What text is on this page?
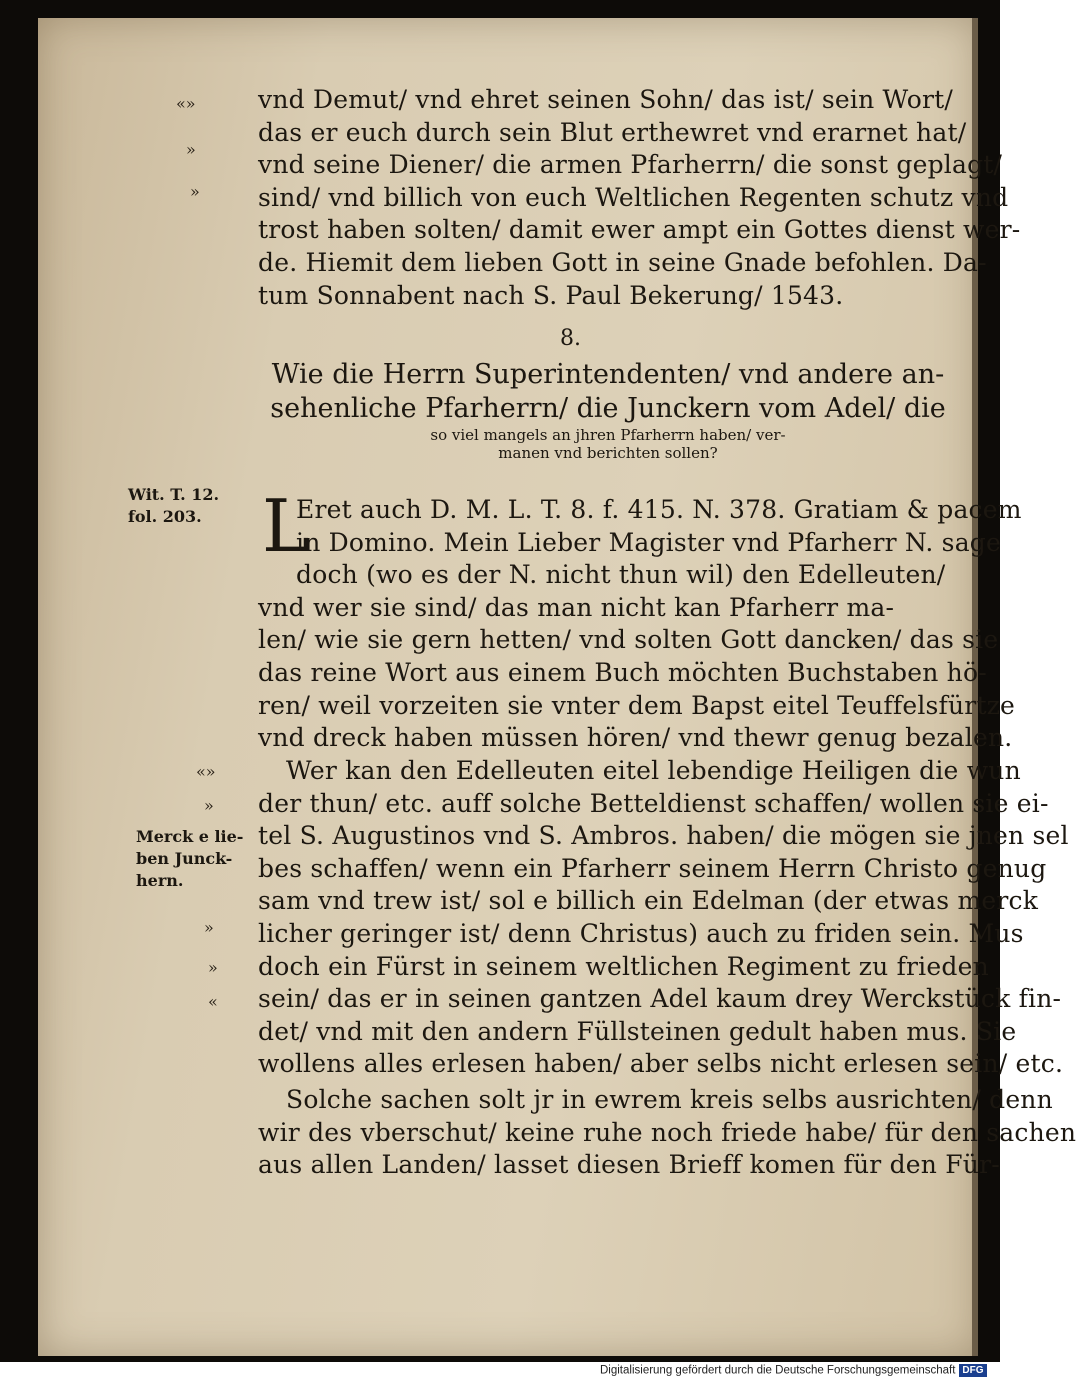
«»
»
»
vnd Demut/ vnd ehret seinen Sohn/ das ist/ sein Wort/
das er euch durch sein Blut erthewret vnd erarnet hat/
vnd seine Diener/ die armen Pfarherrn/ die sonst geplagt/
sind/ vnd billich von euch Weltlichen Regenten schutz vnd
trost haben solten/ damit ewer ampt ein Gottes dienst wer-
de. Hiemit dem lieben Gott in seine Gnade befohlen. Da-
tum Sonnabent nach S. Paul Bekerung/ 1543.
8.
Wie die Herrn Superintendenten/ vnd andere an-
sehenliche Pfarherrn/ die Junckern vom Adel/ die
so viel mangels an jhren Pfarherrn haben/ ver-
manen vnd berichten sollen?
Wit. T. 12.
fol. 203. L
Eret auch D. M. L. T. 8. f. 415. N. 378. Gratiam & pacem
in Domino. Mein Lieber Magister vnd Pfarherr N. sage
doch (wo es der N. nicht thun wil) den Edelleuten/
vnd wer sie sind/ das man nicht kan Pfarherr ma-
len/ wie sie gern hetten/ vnd solten Gott dancken/ das sie
das reine Wort aus einem Buch möchten Buchstaben hö-
ren/ weil vorzeiten sie vnter dem Bapst eitel Teuffelsfürtze
vnd dreck haben müssen hören/ vnd thewr genug bezalen.
«»
»
»
»
«
Merck e lie-
ben Junck-
hern.
Wer kan den Edelleuten eitel lebendige Heiligen die wun
der thun/ etc. auff solche Betteldienst schaffen/ wollen sie ei-
tel S. Augustinos vnd S. Ambros. haben/ die mögen sie jnen sel
bes schaffen/ wenn ein Pfarherr seinem Herrn Christo genug
sam vnd trew ist/ sol e billich ein Edelman (der etwas merck
licher geringer ist/ denn Christus) auch zu friden sein. Mus
doch ein Fürst in seinem weltlichen Regiment zu frieden
sein/ das er in seinen gantzen Adel kaum drey Werckstück fin-
det/ vnd mit den andern Füllsteinen gedult haben mus. Sie
wollens alles erlesen haben/ aber selbs nicht erlesen sein/ etc.
Solche sachen solt jr in ewrem kreis selbs ausrichten/ denn
wir des vberschut/ keine ruhe noch friede habe/ für den sachen
aus allen Landen/ lasset diesen Brieff komen für den Für-
Digitalisierung gefördert durch die Deutsche Forschungsgemeinschaft DFG
